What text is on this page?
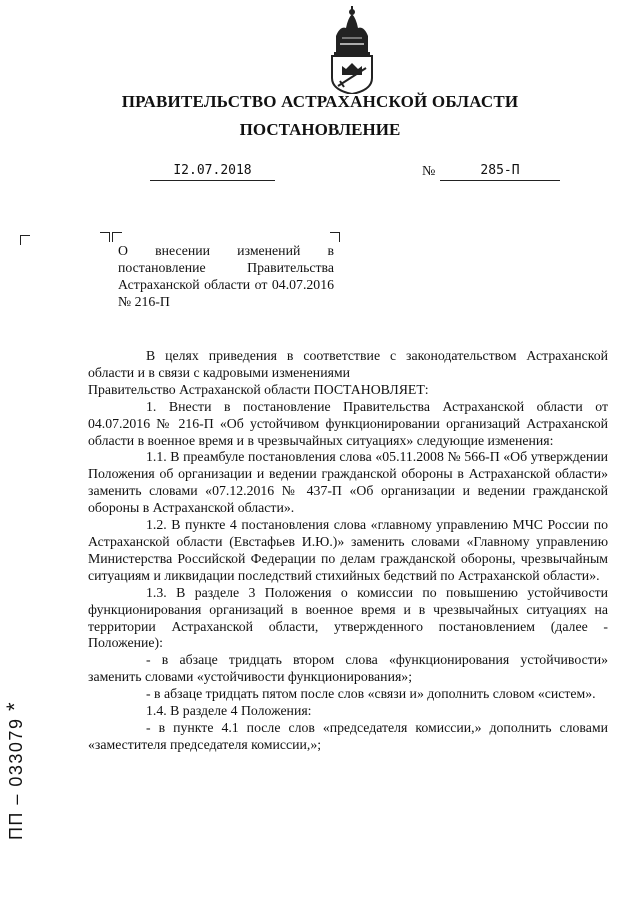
ПРАВИТЕЛЬСТВО АСТРАХАНСКОЙ ОБЛАСТИ
ПОСТАНОВЛЕНИЕ
I2.07.2018	№	285-П

О внесении изменений в постановление Правительства Астраханской области от 04.07.2016 № 216-П

В целях приведения в соответствие с законодательством Астраханской области и в связи с кадровыми изменениями

Правительство Астраханской области ПОСТАНОВЛЯЕТ:

1. Внести в постановление Правительства Астраханской области от 04.07.2016 № 216-П «Об устойчивом функционировании организаций Астраханской области в военное время и в чрезвычайных ситуациях» следующие изменения:

1.1. В преамбуле постановления слова «05.11.2008 № 566-П «Об утверждении Положения об организации и ведении гражданской обороны в Астраханской области» заменить словами «07.12.2016 № 437-П «Об организации и ведении гражданской обороны в Астраханской области».

1.2. В пункте 4 постановления слова «главному управлению МЧС России по Астраханской области (Евстафьев И.Ю.)» заменить словами «Главному управлению Министерства Российской Федерации по делам гражданской обороны, чрезвычайным ситуациям и ликвидации последствий стихийных бедствий по Астраханской области».

1.3. В разделе 3 Положения о комиссии по повышению устойчивости функционирования организаций в военное время и в чрезвычайных ситуациях на территории Астраханской области, утвержденного постановлением (далее - Положение):

- в абзаце тридцать втором слова «функционирования устойчивости» заменить словами «устойчивости функционирования»;

- в абзаце тридцать пятом после слов «связи и» дополнить словом «систем».

1.4. В разделе 4 Положения:

- в пункте 4.1 после слов «председателя комиссии,» дополнить словами «заместителя председателя комиссии,»;

ПП – 033079 *
